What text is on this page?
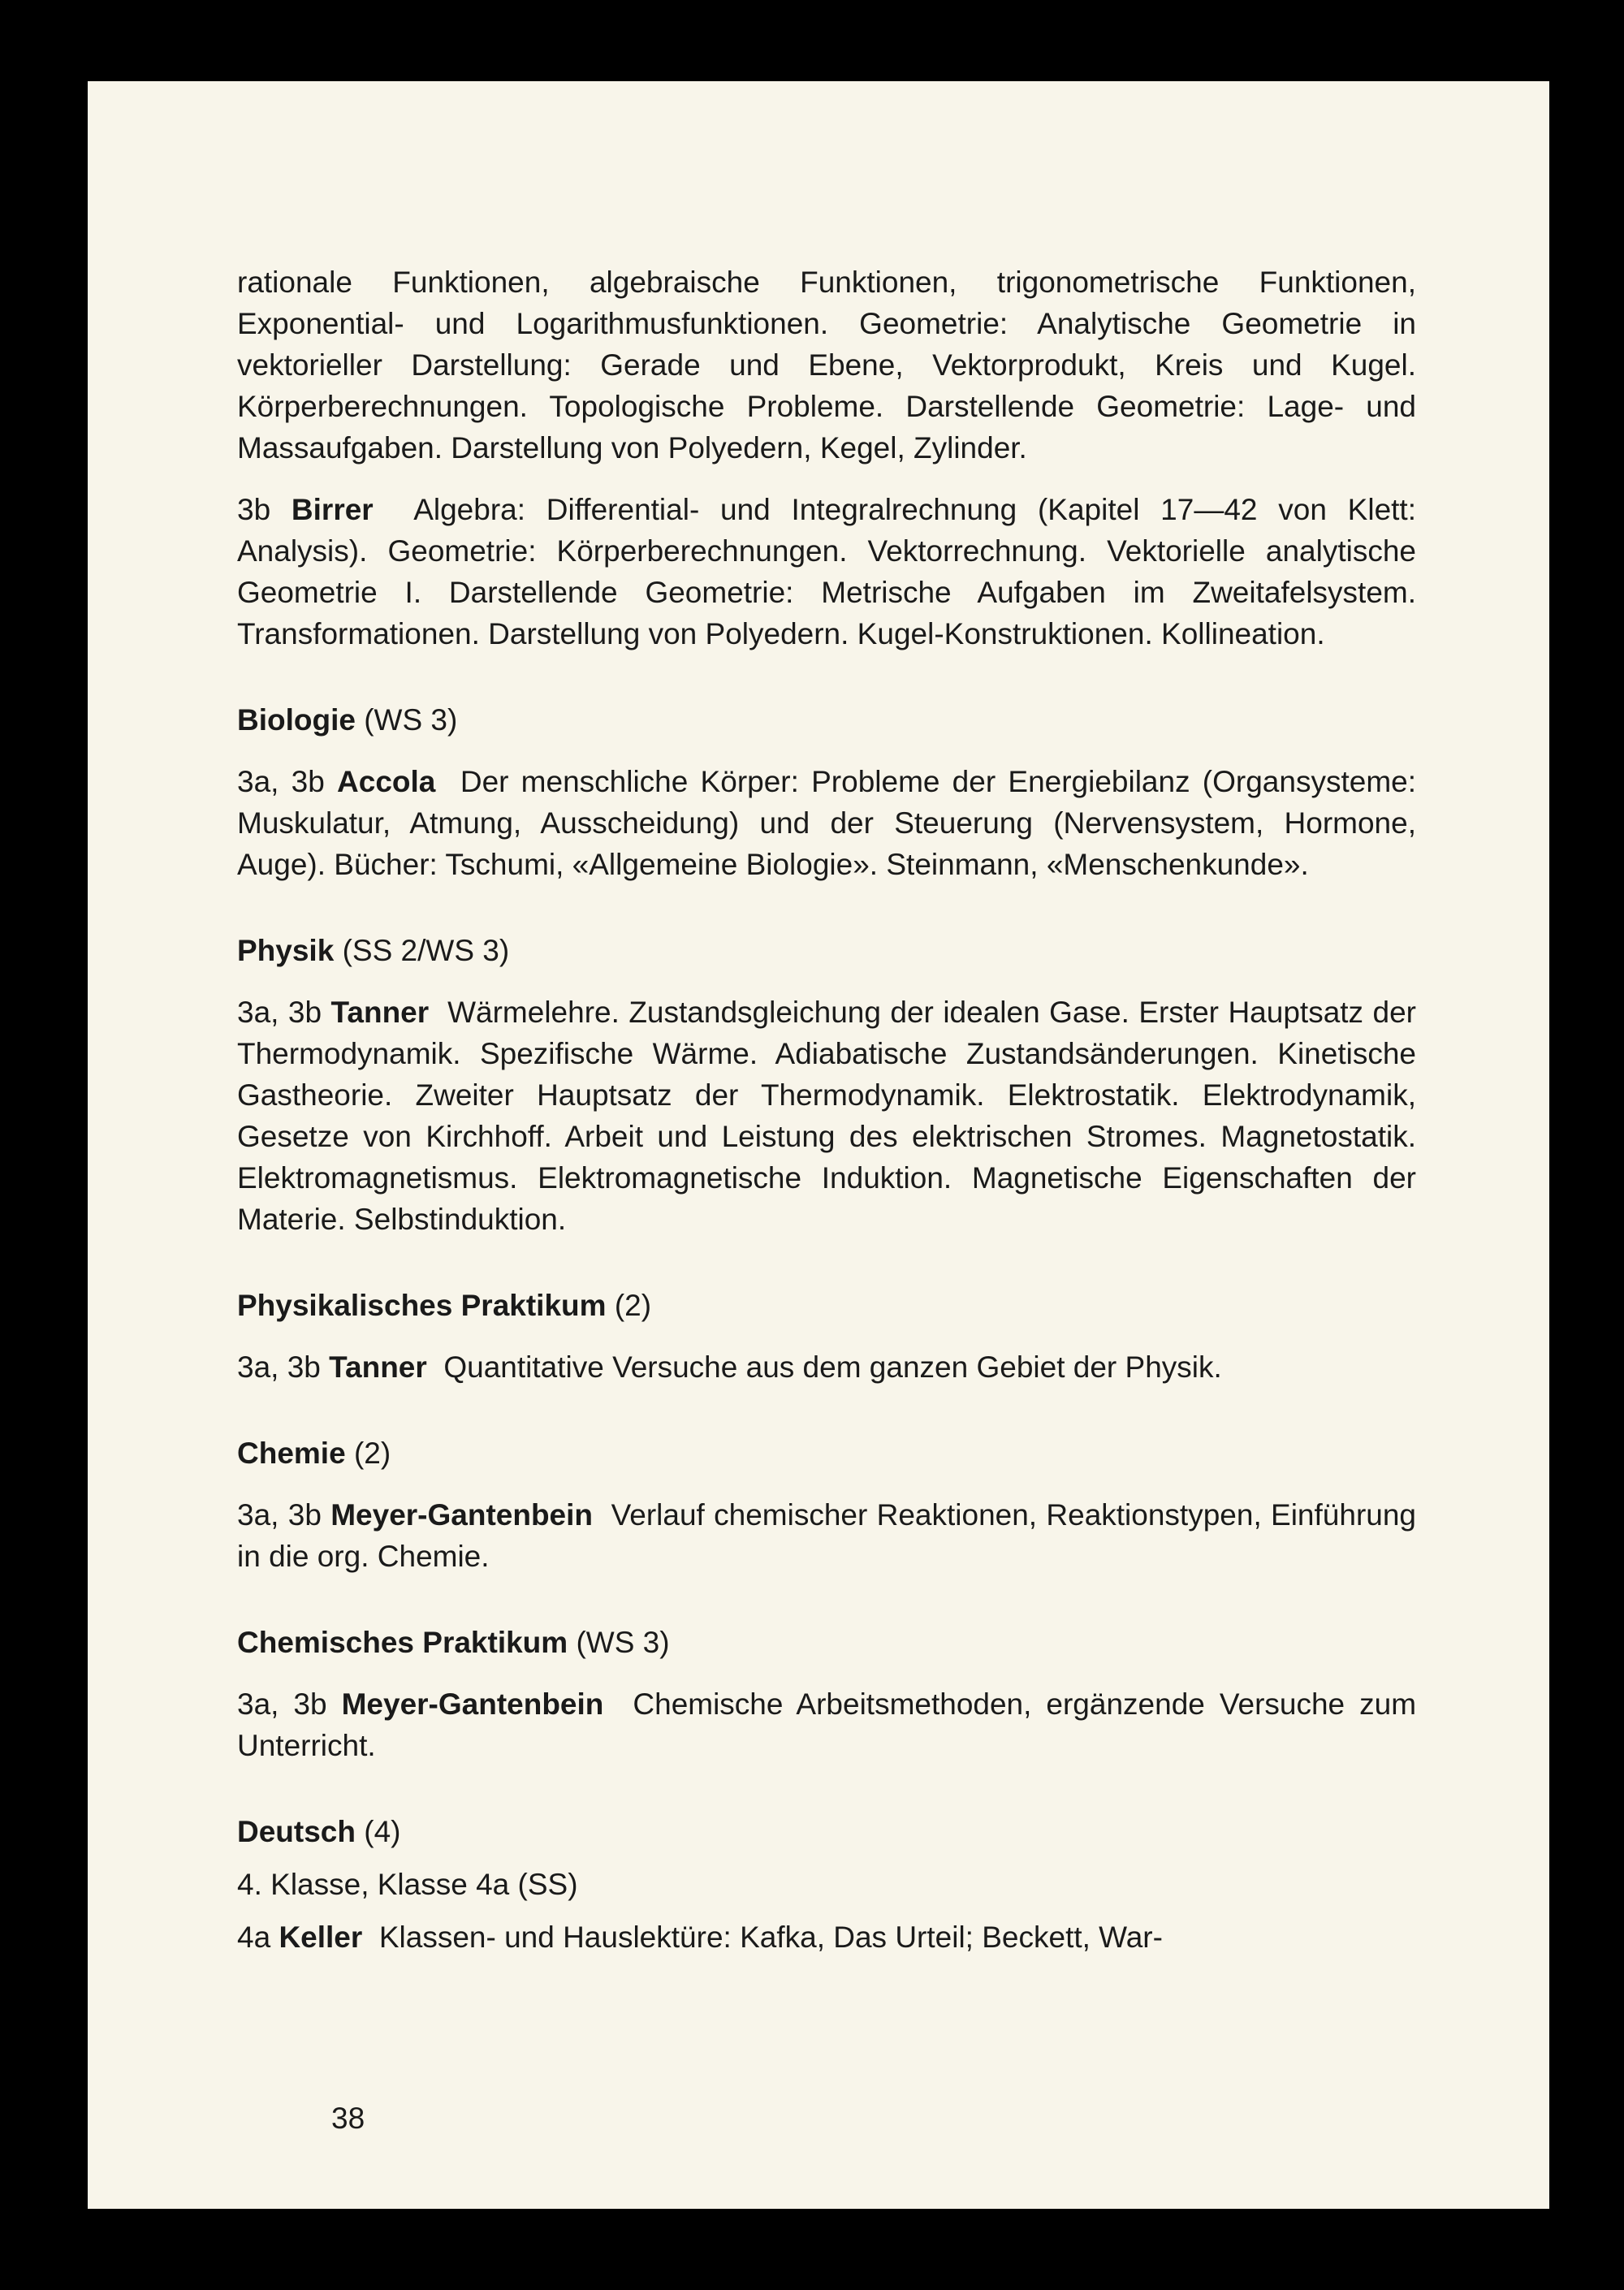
rationale Funktionen, algebraische Funktionen, trigonometrische Funktionen, Exponential- und Logarithmusfunktionen. Geometrie: Analytische Geometrie in vektorieller Darstellung: Gerade und Ebene, Vektorprodukt, Kreis und Kugel. Körperberechnungen. Topologische Probleme. Darstellende Geometrie: Lage- und Massaufgaben. Darstellung von Polyedern, Kegel, Zylinder.

3b Birrer Algebra: Differential- und Integralrechnung (Kapitel 17—42 von Klett: Analysis). Geometrie: Körperberechnungen. Vektorrechnung. Vektorielle analytische Geometrie I. Darstellende Geometrie: Metrische Aufgaben im Zweitafelsystem. Transformationen. Darstellung von Polyedern. Kugel-Konstruktionen. Kollineation.

Biologie (WS 3)

3a, 3b Accola Der menschliche Körper: Probleme der Energiebilanz (Organsysteme: Muskulatur, Atmung, Ausscheidung) und der Steuerung (Nervensystem, Hormone, Auge). Bücher: Tschumi, «Allgemeine Biologie». Steinmann, «Menschenkunde».

Physik (SS 2/WS 3)

3a, 3b Tanner Wärmelehre. Zustandsgleichung der idealen Gase. Erster Hauptsatz der Thermodynamik. Spezifische Wärme. Adiabatische Zustandsänderungen. Kinetische Gastheorie. Zweiter Hauptsatz der Thermodynamik. Elektrostatik. Elektrodynamik, Gesetze von Kirchhoff. Arbeit und Leistung des elektrischen Stromes. Magnetostatik. Elektromagnetismus. Elektromagnetische Induktion. Magnetische Eigenschaften der Materie. Selbstinduktion.

Physikalisches Praktikum (2)

3a, 3b Tanner Quantitative Versuche aus dem ganzen Gebiet der Physik.

Chemie (2)

3a, 3b Meyer-Gantenbein Verlauf chemischer Reaktionen, Reaktionstypen, Einführung in die org. Chemie.

Chemisches Praktikum (WS 3)

3a, 3b Meyer-Gantenbein Chemische Arbeitsmethoden, ergänzende Versuche zum Unterricht.

Deutsch (4)

4. Klasse, Klasse 4a (SS)

4a Keller Klassen- und Hauslektüre: Kafka, Das Urteil; Beckett, War-

38
